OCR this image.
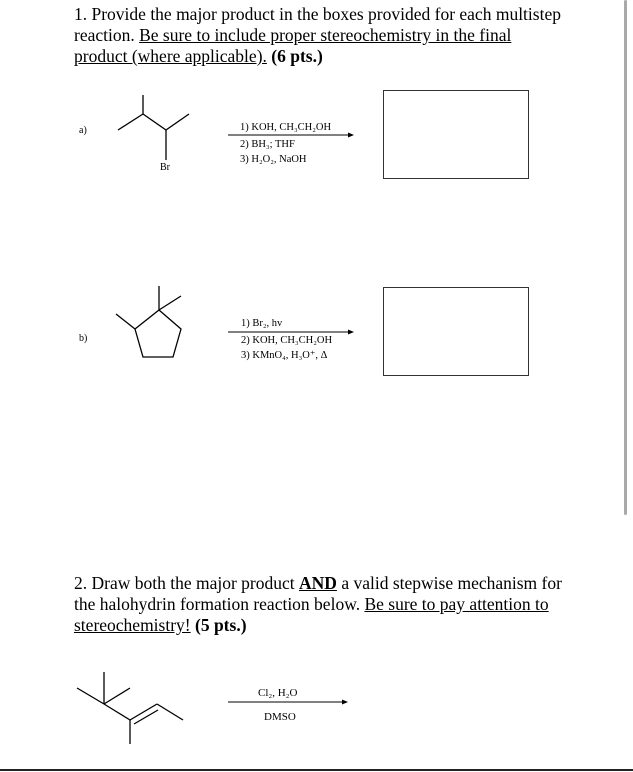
1. Provide the major product in the boxes provided for each multistep reaction. Be sure to include proper stereochemistry in the final product (where applicable). (6 pts.)
a)
Br
1) KOH, CH₃CH₂OH
2) BH₃; THF
3) H₂O₂, NaOH
b)
1) Br₂, hv
2) KOH, CH₃CH₂OH
3) KMnO₄, H₃O⁺, Δ
2. Draw both the major product AND a valid stepwise mechanism for the halohydrin formation reaction below. Be sure to pay attention to stereochemistry! (5 pts.)
Cl₂, H₂O
DMSO
